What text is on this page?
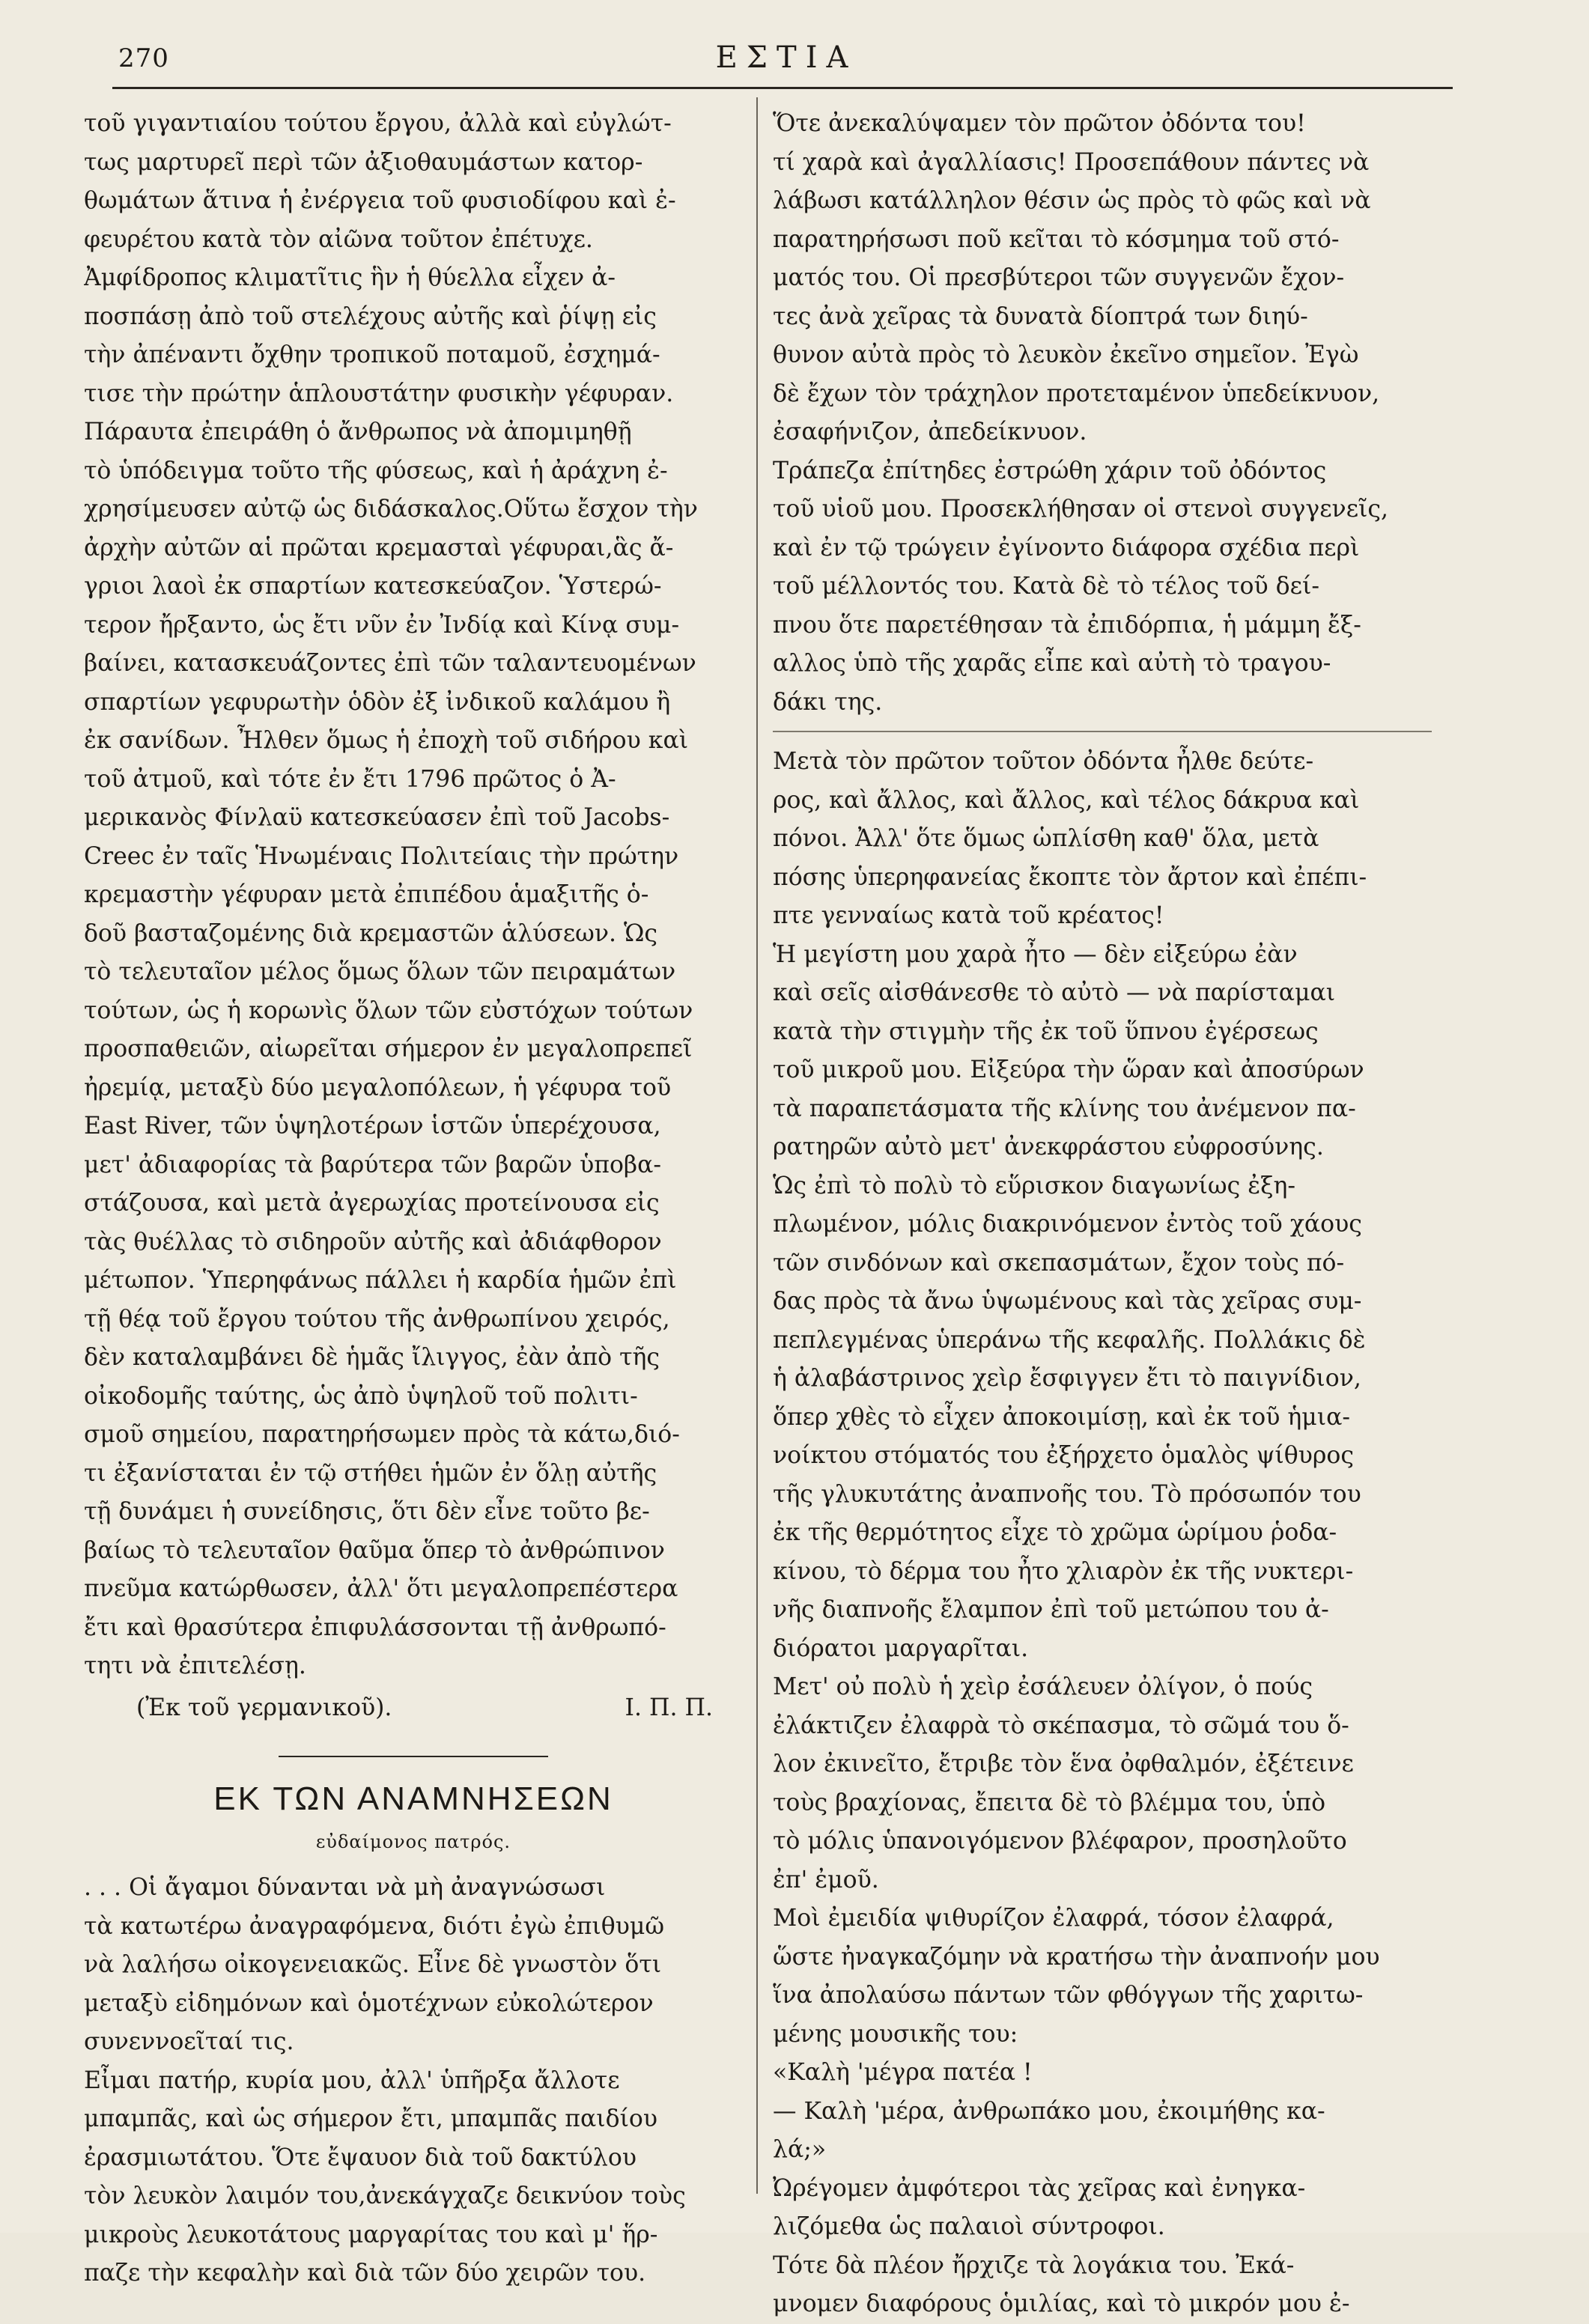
270	ΕΣΤΙΑ

τοῦ γιγαντιαίου τούτου ἔργου, ἀλλὰ καὶ εὐγλώτ-
τως μαρτυρεῖ περὶ τῶν ἀξιοθαυμάστων κατορ-
θωμάτων ἅτινα ἡ ἐνέργεια τοῦ φυσιοδίφου καὶ ἐ-
φευρέτου κατὰ τὸν αἰῶνα τοῦτον ἐπέτυχε.

Ἀμφίδροπος κλιματῖτις ἣν ἡ θύελλα εἶχεν ἀ-
ποσπάσῃ ἀπὸ τοῦ στελέχους αὐτῆς καὶ ῥίψῃ εἰς
τὴν ἀπέναντι ὄχθην τροπικοῦ ποταμοῦ, ἐσχημά-
τισε τὴν πρώτην ἁπλουστάτην φυσικὴν γέφυραν.

Πάραυτα ἐπειράθη ὁ ἄνθρωπος νὰ ἀπομιμηθῇ
τὸ ὑπόδειγμα τοῦτο τῆς φύσεως, καὶ ἡ ἀράχνη ἐ-
χρησίμευσεν αὐτῷ ὡς διδάσκαλος.Οὕτω ἔσχον τὴν
ἀρχὴν αὐτῶν αἱ πρῶται κρεμασταὶ γέφυραι,ἃς ἄ-
γριοι λαοὶ ἐκ σπαρτίων κατεσκεύαζον. Ὑστερώ-
τερον ἤρξαντο, ὡς ἔτι νῦν ἐν Ἰνδίᾳ καὶ Κίνᾳ συμ-
βαίνει, κατασκευάζοντες ἐπὶ τῶν ταλαντευομένων
σπαρτίων γεφυρωτὴν ὁδὸν ἐξ ἰνδικοῦ καλάμου ἢ
ἐκ σανίδων. Ἦλθεν ὅμως ἡ ἐποχὴ τοῦ σιδήρου καὶ
τοῦ ἀτμοῦ, καὶ τότε ἐν ἔτι 1796 πρῶτος ὁ Ἀ-
μερικανὸς Φίνλαϋ κατεσκεύασεν ἐπὶ τοῦ Jacobs-
Creec ἐν ταῖς Ἡνωμέναις Πολιτείαις τὴν πρώτην
κρεμαστὴν γέφυραν μετὰ ἐπιπέδου ἁμαξιτῆς ὁ-
δοῦ βασταζομένης διὰ κρεμαστῶν ἁλύσεων. Ὡς
τὸ τελευταῖον μέλος ὅμως ὅλων τῶν πειραμάτων
τούτων, ὡς ἡ κορωνὶς ὅλων τῶν εὐστόχων τούτων
προσπαθειῶν, αἰωρεῖται σήμερον ἐν μεγαλοπρεπεῖ
ἠρεμίᾳ, μεταξὺ δύο μεγαλοπόλεων, ἡ γέφυρα τοῦ
East River, τῶν ὑψηλοτέρων ἱστῶν ὑπερέχουσα,
μετ' ἀδιαφορίας τὰ βαρύτερα τῶν βαρῶν ὑποβα-
στάζουσα, καὶ μετὰ ἀγερωχίας προτείνουσα εἰς
τὰς θυέλλας τὸ σιδηροῦν αὐτῆς καὶ ἀδιάφθορον
μέτωπον. Ὑπερηφάνως πάλλει ἡ καρδία ἡμῶν ἐπὶ
τῇ θέᾳ τοῦ ἔργου τούτου τῆς ἀνθρωπίνου χειρός,
δὲν καταλαμβάνει δὲ ἡμᾶς ἴλιγγος, ἐὰν ἀπὸ τῆς
οἰκοδομῆς ταύτης, ὡς ἀπὸ ὑψηλοῦ τοῦ πολιτι-
σμοῦ σημείου, παρατηρήσωμεν πρὸς τὰ κάτω,διό-
τι ἐξανίσταται ἐν τῷ στήθει ἡμῶν ἐν ὅλῃ αὐτῆς
τῇ δυνάμει ἡ συνείδησις, ὅτι δὲν εἶνε τοῦτο βε-
βαίως τὸ τελευταῖον θαῦμα ὅπερ τὸ ἀνθρώπινον
πνεῦμα κατώρθωσεν, ἀλλ' ὅτι μεγαλοπρεπέστερα
ἔτι καὶ θρασύτερα ἐπιφυλάσσονται τῇ ἀνθρωπό-
τητι νὰ ἐπιτελέσῃ.

(Ἐκ τοῦ γερμανικοῦ).	Ι. Π. Π.
ΕΚ ΤΩΝ ΑΝΑΜΝΗΣΕΩΝ
εὐδαίμονος πατρός.

. . . Οἱ ἄγαμοι δύνανται νὰ μὴ ἀναγνώσωσι
τὰ κατωτέρω ἀναγραφόμενα, διότι ἐγὼ ἐπιθυμῶ
νὰ λαλήσω οἰκογενειακῶς. Εἶνε δὲ γνωστὸν ὅτι
μεταξὺ εἰδημόνων καὶ ὁμοτέχνων εὐκολώτερον
συνεννοεῖταί τις.

Εἶμαι πατήρ, κυρία μου, ἀλλ' ὑπῆρξα ἄλλοτε
μπαμπᾶς, καὶ ὡς σήμερον ἔτι, μπαμπᾶς παιδίου
ἐρασμιωτάτου. Ὅτε ἔψαυον διὰ τοῦ δακτύλου
τὸν λευκὸν λαιμόν του,ἀνεκάγχαζε δεικνύον τοὺς
μικροὺς λευκοτάτους μαργαρίτας του καὶ μ' ἥρ-
παζε τὴν κεφαλὴν καὶ διὰ τῶν δύο χειρῶν του.

Ὅτε ἀνεκαλύψαμεν τὸν πρῶτον ὀδόντα του!
τί χαρὰ καὶ ἀγαλλίασις! Προσεπάθουν πάντες νὰ
λάβωσι κατάλληλον θέσιν ὡς πρὸς τὸ φῶς καὶ νὰ
παρατηρήσωσι ποῦ κεῖται τὸ κόσμημα τοῦ στό-
ματός του. Οἱ πρεσβύτεροι τῶν συγγενῶν ἔχον-
τες ἀνὰ χεῖρας τὰ δυνατὰ δίοπτρά των διηύ-
θυνον αὐτὰ πρὸς τὸ λευκὸν ἐκεῖνο σημεῖον. Ἐγὼ
δὲ ἔχων τὸν τράχηλον προτεταμένον ὑπεδείκνυον,
ἐσαφήνιζον, ἀπεδείκνυον.

Τράπεζα ἐπίτηδες ἐστρώθη χάριν τοῦ ὀδόντος
τοῦ υἱοῦ μου. Προσεκλήθησαν οἱ στενοὶ συγγενεῖς,
καὶ ἐν τῷ τρώγειν ἐγίνοντο διάφορα σχέδια περὶ
τοῦ μέλλοντός του. Κατὰ δὲ τὸ τέλος τοῦ δεί-
πνου ὅτε παρετέθησαν τὰ ἐπιδόρπια, ἡ μάμμη ἔξ-
αλλος ὑπὸ τῆς χαρᾶς εἶπε καὶ αὐτὴ τὸ τραγου-
δάκι της.

Μετὰ τὸν πρῶτον τοῦτον ὀδόντα ἦλθε δεύτε-
ρος, καὶ ἄλλος, καὶ ἄλλος, καὶ τέλος δάκρυα καὶ
πόνοι. Ἀλλ' ὅτε ὅμως ὡπλίσθη καθ' ὅλα, μετὰ
πόσης ὑπερηφανείας ἔκοπτε τὸν ἄρτον καὶ ἐπέπι-
πτε γενναίως κατὰ τοῦ κρέατος!

Ἡ μεγίστη μου χαρὰ ἦτο — δὲν εἰξεύρω ἐὰν
καὶ σεῖς αἰσθάνεσθε τὸ αὐτὸ — νὰ παρίσταμαι
κατὰ τὴν στιγμὴν τῆς ἐκ τοῦ ὕπνου ἐγέρσεως
τοῦ μικροῦ μου. Εἰξεύρα τὴν ὥραν καὶ ἀποσύρων
τὰ παραπετάσματα τῆς κλίνης του ἀνέμενον πα-
ρατηρῶν αὐτὸ μετ' ἀνεκφράστου εὐφροσύνης.

Ὡς ἐπὶ τὸ πολὺ τὸ εὕρισκον διαγωνίως ἐξη-
πλωμένον, μόλις διακρινόμενον ἐντὸς τοῦ χάους
τῶν σινδόνων καὶ σκεπασμάτων, ἔχον τοὺς πό-
δας πρὸς τὰ ἄνω ὑψωμένους καὶ τὰς χεῖρας συμ-
πεπλεγμένας ὑπεράνω τῆς κεφαλῆς. Πολλάκις δὲ
ἡ ἀλαβάστρινος χεὶρ ἔσφιγγεν ἔτι τὸ παιγνίδιον,
ὅπερ χθὲς τὸ εἶχεν ἀποκοιμίσῃ, καὶ ἐκ τοῦ ἡμια-
νοίκτου στόματός του ἐξήρχετο ὁμαλὸς ψίθυρος
τῆς γλυκυτάτης ἀναπνοῆς του. Τὸ πρόσωπόν του
ἐκ τῆς θερμότητος εἶχε τὸ χρῶμα ὡρίμου ῥοδα-
κίνου, τὸ δέρμα του ἦτο χλιαρὸν ἐκ τῆς νυκτερι-
νῆς διαπνοῆς ἔλαμπον ἐπὶ τοῦ μετώπου του ἀ-
διόρατοι μαργαρῖται.

Μετ' οὐ πολὺ ἡ χεὶρ ἐσάλευεν ὀλίγον, ὁ πούς
ἐλάκτιζεν ἐλαφρὰ τὸ σκέπασμα, τὸ σῶμά του ὅ-
λον ἐκινεῖτο, ἔτριβε τὸν ἕνα ὀφθαλμόν, ἐξέτεινε
τοὺς βραχίονας, ἔπειτα δὲ τὸ βλέμμα του, ὑπὸ
τὸ μόλις ὑπανοιγόμενον βλέφαρον, προσηλοῦτο
ἐπ' ἐμοῦ.

Μοὶ ἐμειδία ψιθυρίζον ἐλαφρά, τόσον ἐλαφρά,
ὥστε ἠναγκαζόμην νὰ κρατήσω τὴν ἀναπνοήν μου
ἵνα ἀπολαύσω πάντων τῶν φθόγγων τῆς χαριτω-
μένης μουσικῆς του:

«Καλὴ 'μέγρα πατέα !

— Καλὴ 'μέρα, ἀνθρωπάκο μου, ἐκοιμήθης κα-
λά;»

Ὠρέγομεν ἀμφότεροι τὰς χεῖρας καὶ ἐνηγκα-
λιζόμεθα ὡς παλαιοὶ σύντροφοι.

Τότε δὰ πλέον ἤρχιζε τὰ λογάκια του. Ἐκά-
μνομεν διαφόρους ὁμιλίας, καὶ τὸ μικρόν μου ἐ-
